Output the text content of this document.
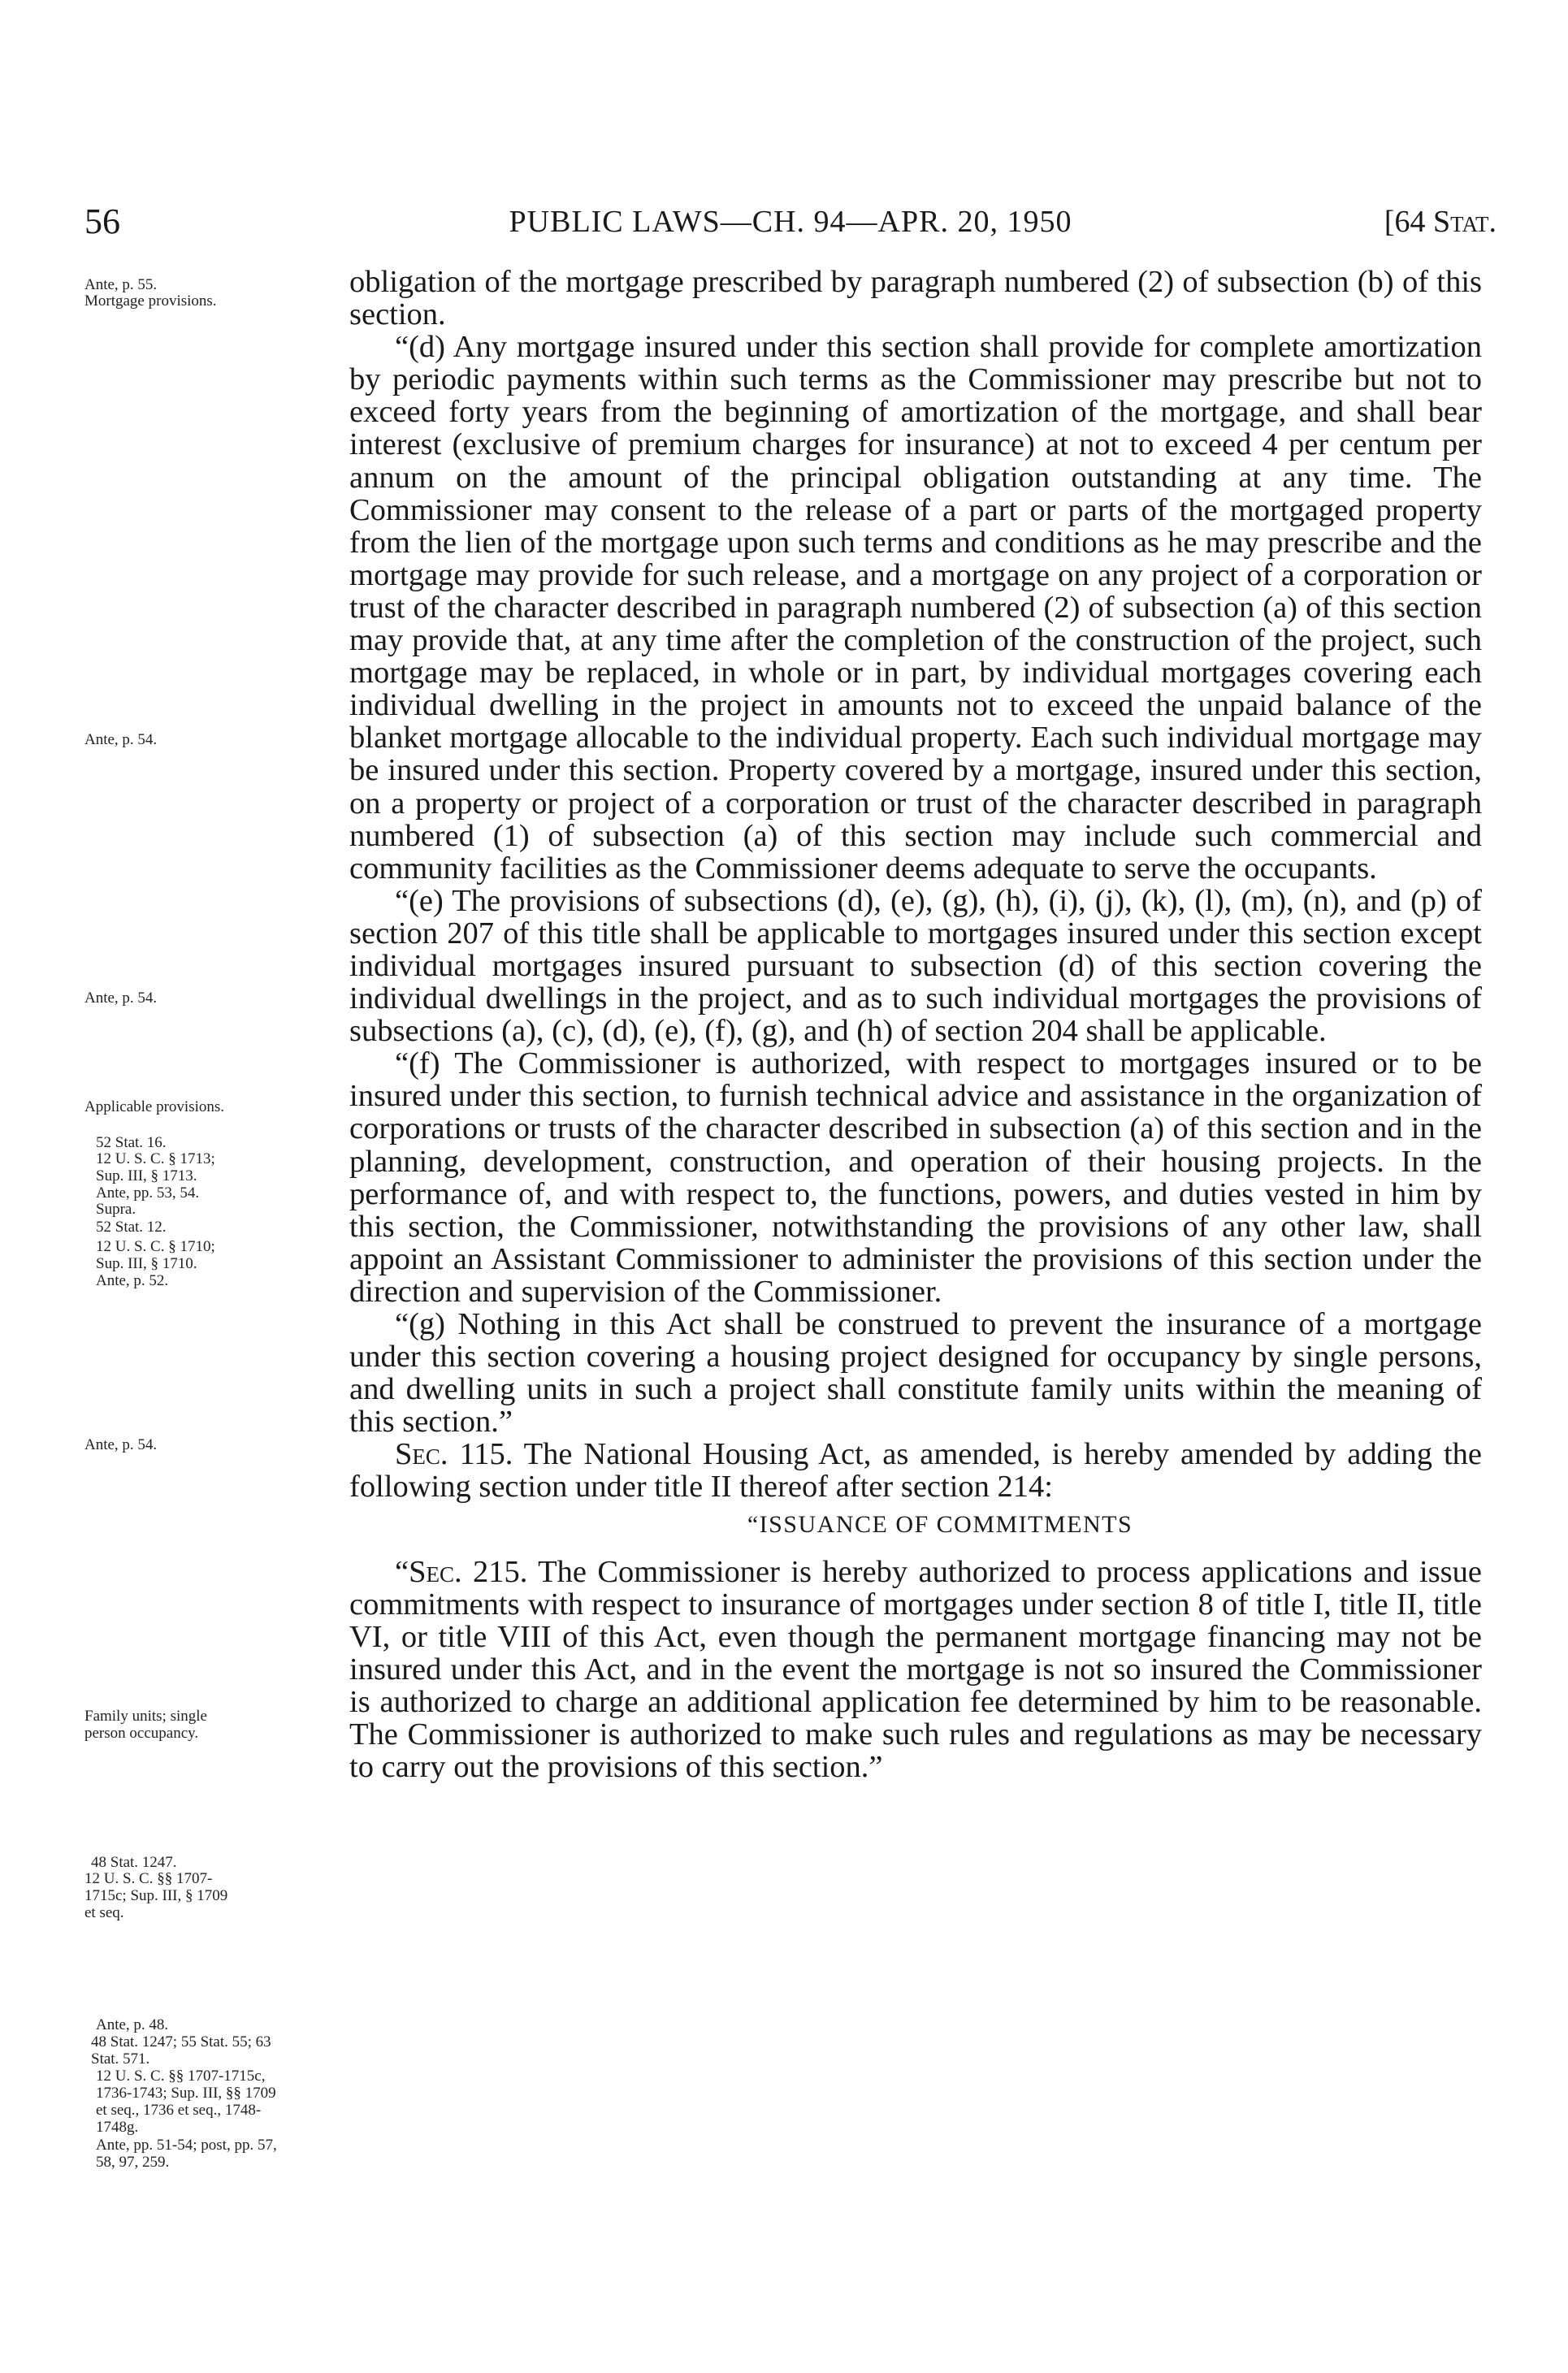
56	PUBLIC LAWS—CH. 94—APR. 20, 1950	[64 Stat.
Ante, p. 55.
Mortgage provisions.
Ante, p. 54.
Ante, p. 54.
Applicable provisions.
52 Stat. 16.
12 U. S. C. § 1713; Sup. III, § 1713.
Ante, pp. 53, 54.
Supra.
52 Stat. 12.
12 U. S. C. § 1710; Sup. III, § 1710.
Ante, p. 52.
Ante, p. 54.
Family units; single person occupancy.
48 Stat. 1247.
12 U. S. C. §§ 1707-1715c; Sup. III, § 1709 et seq.
Ante, p. 48.
48 Stat. 1247; 55 Stat. 55; 63 Stat. 571.
12 U. S. C. §§ 1707-1715c, 1736-1743; Sup. III, §§ 1709 et seq., 1736 et seq., 1748-1748g.
Ante, pp. 51-54; post, pp. 57, 58, 97, 259.

obligation of the mortgage prescribed by paragraph numbered (2) of subsection (b) of this section.

“(d) Any mortgage insured under this section shall provide for complete amortization by periodic payments within such terms as the Commissioner may prescribe but not to exceed forty years from the beginning of amortization of the mortgage, and shall bear interest (exclusive of premium charges for insurance) at not to exceed 4 per centum per annum on the amount of the principal obligation outstanding at any time. The Commissioner may consent to the release of a part or parts of the mortgaged property from the lien of the mortgage upon such terms and conditions as he may prescribe and the mortgage may provide for such release, and a mortgage on any project of a corporation or trust of the character described in paragraph numbered (2) of subsection (a) of this section may provide that, at any time after the completion of the construction of the project, such mortgage may be replaced, in whole or in part, by individual mortgages covering each individual dwelling in the project in amounts not to exceed the unpaid balance of the blanket mortgage allocable to the individual property. Each such individual mortgage may be insured under this section. Property covered by a mortgage, insured under this section, on a property or project of a corporation or trust of the character described in paragraph numbered (1) of subsection (a) of this section may include such commercial and community facilities as the Commissioner deems adequate to serve the occupants.

“(e) The provisions of subsections (d), (e), (g), (h), (i), (j), (k), (l), (m), (n), and (p) of section 207 of this title shall be applicable to mortgages insured under this section except individual mortgages insured pursuant to subsection (d) of this section covering the individual dwellings in the project, and as to such individual mortgages the provisions of subsections (a), (c), (d), (e), (f), (g), and (h) of section 204 shall be applicable.

“(f) The Commissioner is authorized, with respect to mortgages insured or to be insured under this section, to furnish technical advice and assistance in the organization of corporations or trusts of the character described in subsection (a) of this section and in the planning, development, construction, and operation of their housing projects. In the performance of, and with respect to, the functions, powers, and duties vested in him by this section, the Commissioner, notwithstanding the provisions of any other law, shall appoint an Assistant Commissioner to administer the provisions of this section under the direction and supervision of the Commissioner.

“(g) Nothing in this Act shall be construed to prevent the insurance of a mortgage under this section covering a housing project designed for occupancy by single persons, and dwelling units in such a project shall constitute family units within the meaning of this section.”

Sec. 115. The National Housing Act, as amended, is hereby amended by adding the following section under title II thereof after section 214:

“ISSUANCE OF COMMITMENTS

“Sec. 215. The Commissioner is hereby authorized to process applications and issue commitments with respect to insurance of mortgages under section 8 of title I, title II, title VI, or title VIII of this Act, even though the permanent mortgage financing may not be insured under this Act, and in the event the mortgage is not so insured the Commissioner is authorized to charge an additional application fee determined by him to be reasonable. The Commissioner is authorized to make such rules and regulations as may be necessary to carry out the provisions of this section.”
